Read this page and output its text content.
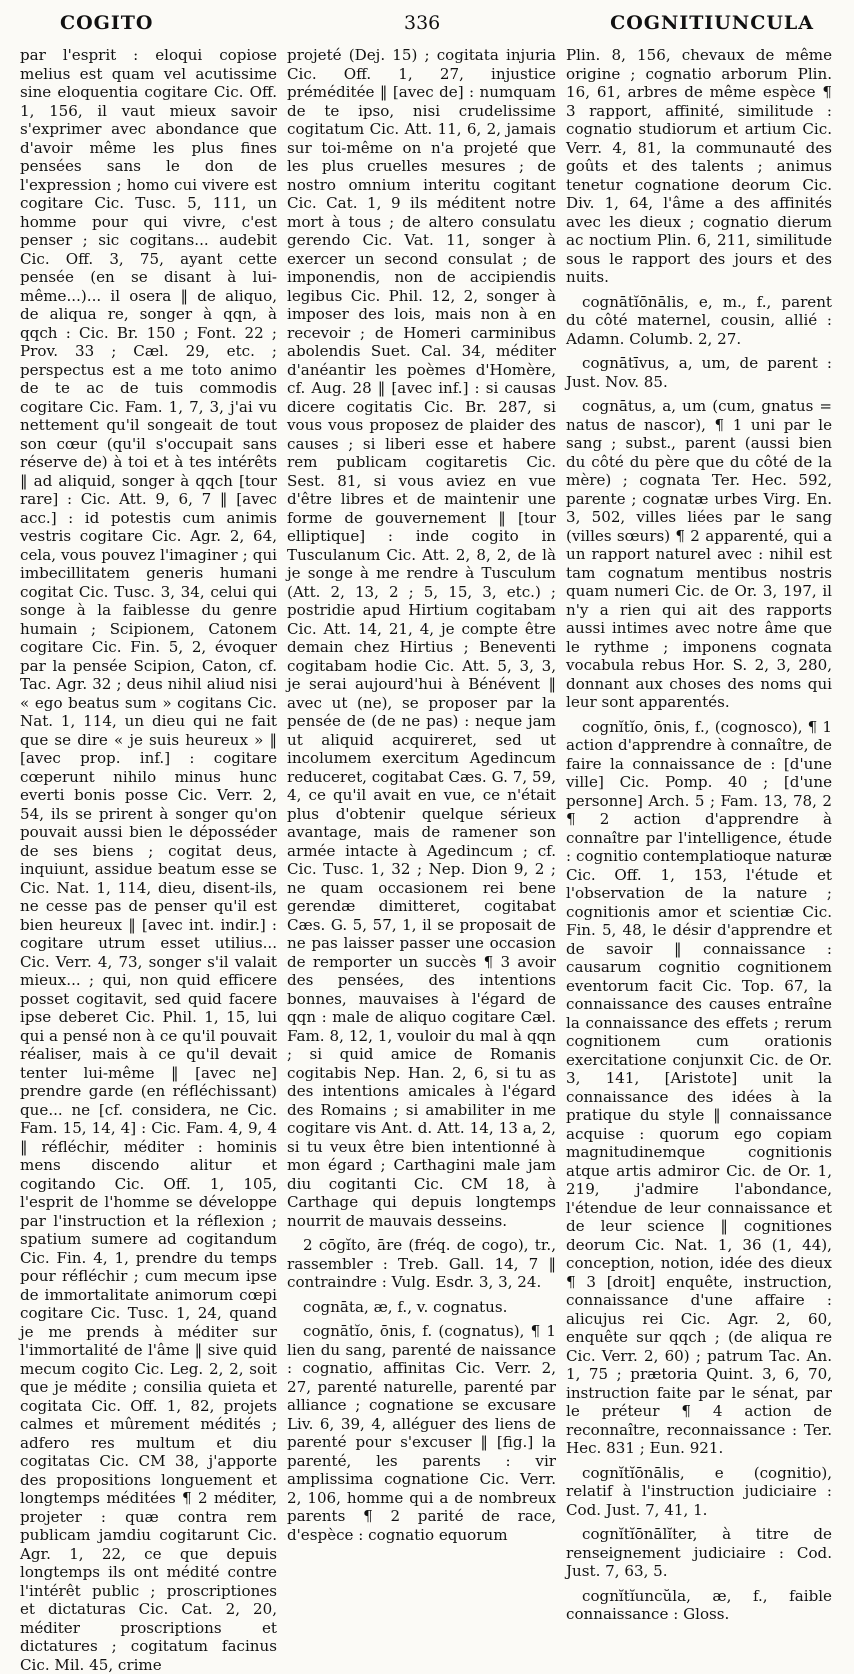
COGITO	336	COGNITIUNCULA

par l'esprit : eloqui copiose melius est quam vel acutissime sine eloquentia cogitare Cic. Off. 1, 156, il vaut mieux savoir s'exprimer avec abondance que d'avoir même les plus fines pensées sans le don de l'expression ; homo cui vivere est cogitare Cic. Tusc. 5, 111, un homme pour qui vivre, c'est penser ; sic cogitans... audebit Cic. Off. 3, 75, ayant cette pensée (en se disant à lui-même...)... il osera ‖ de aliquo, de aliqua re, songer à qqn, à qqch : Cic. Br. 150 ; Font. 22 ; Prov. 33 ; Cæl. 29, etc. ; perspectus est a me toto animo de te ac de tuis commodis cogitare Cic. Fam. 1, 7, 3, j'ai vu nettement qu'il songeait de tout son cœur (qu'il s'occupait sans réserve de) à toi et à tes intérêts ‖ ad aliquid, songer à qqch [tour rare] : Cic. Att. 9, 6, 7 ‖ [avec acc.] : id potestis cum animis vestris cogitare Cic. Agr. 2, 64, cela, vous pouvez l'imaginer ; qui imbecillitatem generis humani cogitat Cic. Tusc. 3, 34, celui qui songe à la faiblesse du genre humain ; Scipionem, Catonem cogitare Cic. Fin. 5, 2, évoquer par la pensée Scipion, Caton, cf. Tac. Agr. 32 ; deus nihil aliud nisi « ego beatus sum » cogitans Cic. Nat. 1, 114, un dieu qui ne fait que se dire « je suis heureux » ‖ [avec prop. inf.] : cogitare cœperunt nihilo minus hunc everti bonis posse Cic. Verr. 2, 54, ils se prirent à songer qu'on pouvait aussi bien le déposséder de ses biens ; cogitat deus, inquiunt, assidue beatum esse se Cic. Nat. 1, 114, dieu, disent-ils, ne cesse pas de penser qu'il est bien heureux ‖ [avec int. indir.] : cogitare utrum esset utilius... Cic. Verr. 4, 73, songer s'il valait mieux... ; qui, non quid efficere posset cogitavit, sed quid facere ipse deberet Cic. Phil. 1, 15, lui qui a pensé non à ce qu'il pouvait réaliser, mais à ce qu'il devait tenter lui-même ‖ [avec ne] prendre garde (en réfléchissant) que... ne [cf. considera, ne Cic. Fam. 15, 14, 4] : Cic. Fam. 4, 9, 4 ‖ réfléchir, méditer : hominis mens discendo alitur et cogitando Cic. Off. 1, 105, l'esprit de l'homme se développe par l'instruction et la réflexion ; spatium sumere ad cogitandum Cic. Fin. 4, 1, prendre du temps pour réfléchir ; cum mecum ipse de immortalitate animorum cœpi cogitare Cic. Tusc. 1, 24, quand je me prends à méditer sur l'immortalité de l'âme ‖ sive quid mecum cogito Cic. Leg. 2, 2, soit que je médite ; consilia quieta et cogitata Cic. Off. 1, 82, projets calmes et mûrement médités ; adfero res multum et diu cogitatas Cic. CM 38, j'apporte des propositions longuement et longtemps méditées ¶ 2 méditer, projeter : quæ contra rem publicam jamdiu cogitarunt Cic. Agr. 1, 22, ce que depuis longtemps ils ont médité contre l'intérêt public ; proscriptiones et dictaturas Cic. Cat. 2, 20, méditer proscriptions et dictatures ; cogitatum facinus Cic. Mil. 45, crime

projeté (Dej. 15) ; cogitata injuria Cic. Off. 1, 27, injustice préméditée ‖ [avec de] : numquam de te ipso, nisi crudelissime cogitatum Cic. Att. 11, 6, 2, jamais sur toi-même on n'a projeté que les plus cruelles mesures ; de nostro omnium interitu cogitant Cic. Cat. 1, 9 ils méditent notre mort à tous ; de altero consulatu gerendo Cic. Vat. 11, songer à exercer un second consulat ; de imponendis, non de accipiendis legibus Cic. Phil. 12, 2, songer à imposer des lois, mais non à en recevoir ; de Homeri carminibus abolendis Suet. Cal. 34, méditer d'anéantir les poèmes d'Homère, cf. Aug. 28 ‖ [avec inf.] : si causas dicere cogitatis Cic. Br. 287, si vous vous proposez de plaider des causes ; si liberi esse et habere rem publicam cogitaretis Cic. Sest. 81, si vous aviez en vue d'être libres et de maintenir une forme de gouvernement ‖ [tour elliptique] : inde cogito in Tusculanum Cic. Att. 2, 8, 2, de là je songe à me rendre à Tusculum (Att. 2, 13, 2 ; 5, 15, 3, etc.) ; postridie apud Hirtium cogitabam Cic. Att. 14, 21, 4, je compte être demain chez Hirtius ; Beneventi cogitabam hodie Cic. Att. 5, 3, 3, je serai aujourd'hui à Bénévent ‖ avec ut (ne), se proposer par la pensée de (de ne pas) : neque jam ut aliquid acquireret, sed ut incolumem exercitum Agedincum reduceret, cogitabat Cæs. G. 7, 59, 4, ce qu'il avait en vue, ce n'était plus d'obtenir quelque sérieux avantage, mais de ramener son armée intacte à Agedincum ; cf. Cic. Tusc. 1, 32 ; Nep. Dion 9, 2 ; ne quam occasionem rei bene gerendæ dimitteret, cogitabat Cæs. G. 5, 57, 1, il se proposait de ne pas laisser passer une occasion de remporter un succès ¶ 3 avoir des pensées, des intentions bonnes, mauvaises à l'égard de qqn : male de aliquo cogitare Cæl. Fam. 8, 12, 1, vouloir du mal à qqn ; si quid amice de Romanis cogitabis Nep. Han. 2, 6, si tu as des intentions amicales à l'égard des Romains ; si amabiliter in me cogitare vis Ant. d. Att. 14, 13 a, 2, si tu veux être bien intentionné à mon égard ; Carthagini male jam diu cogitanti Cic. CM 18, à Carthage qui depuis longtemps nourrit de mauvais desseins.

2 cōgĭto, āre (fréq. de cogo), tr., rassembler : Treb. Gall. 14, 7 ‖ contraindre : Vulg. Esdr. 3, 3, 24.

cognāta, æ, f., v. cognatus.

cognātĭo, ōnis, f. (cognatus), ¶ 1 lien du sang, parenté de naissance : cognatio, affinitas Cic. Verr. 2, 27, parenté naturelle, parenté par alliance ; cognatione se excusare Liv. 6, 39, 4, alléguer des liens de parenté pour s'excuser ‖ [fig.] la parenté, les parents : vir amplissima cognatione Cic. Verr. 2, 106, homme qui a de nombreux parents ¶ 2 parité de race, d'espèce : cognatio equorum

Plin. 8, 156, chevaux de même origine ; cognatio arborum Plin. 16, 61, arbres de même espèce ¶ 3 rapport, affinité, similitude : cognatio studiorum et artium Cic. Verr. 4, 81, la communauté des goûts et des talents ; animus tenetur cognatione deorum Cic. Div. 1, 64, l'âme a des affinités avec les dieux ; cognatio dierum ac noctium Plin. 6, 211, similitude sous le rapport des jours et des nuits.

cognātĭōnālis, e, m., f., parent du côté maternel, cousin, allié : Adamn. Columb. 2, 27.

cognātīvus, a, um, de parent : Just. Nov. 85.

cognātus, a, um (cum, gnatus = natus de nascor), ¶ 1 uni par le sang ; subst., parent (aussi bien du côté du père que du côté de la mère) ; cognata Ter. Hec. 592, parente ; cognatæ urbes Virg. En. 3, 502, villes liées par le sang (villes sœurs) ¶ 2 apparenté, qui a un rapport naturel avec : nihil est tam cognatum mentibus nostris quam numeri Cic. de Or. 3, 197, il n'y a rien qui ait des rapports aussi intimes avec notre âme que le rythme ; imponens cognata vocabula rebus Hor. S. 2, 3, 280, donnant aux choses des noms qui leur sont apparentés.

cognĭtĭo, ōnis, f., (cognosco), ¶ 1 action d'apprendre à connaître, de faire la connaissance de : [d'une ville] Cic. Pomp. 40 ; [d'une personne] Arch. 5 ; Fam. 13, 78, 2 ¶ 2 action d'apprendre à connaître par l'intelligence, étude : cognitio contemplatioque naturæ Cic. Off. 1, 153, l'étude et l'observation de la nature ; cognitionis amor et scientiæ Cic. Fin. 5, 48, le désir d'apprendre et de savoir ‖ connaissance : causarum cognitio cognitionem eventorum facit Cic. Top. 67, la connaissance des causes entraîne la connaissance des effets ; rerum cognitionem cum orationis exercitatione conjunxit Cic. de Or. 3, 141, [Aristote] unit la connaissance des idées à la pratique du style ‖ connaissance acquise : quorum ego copiam magnitudinemque cognitionis atque artis admiror Cic. de Or. 1, 219, j'admire l'abondance, l'étendue de leur connaissance et de leur science ‖ cognitiones deorum Cic. Nat. 1, 36 (1, 44), conception, notion, idée des dieux ¶ 3 [droit] enquête, instruction, connaissance d'une affaire : alicujus rei Cic. Agr. 2, 60, enquête sur qqch ; (de aliqua re Cic. Verr. 2, 60) ; patrum Tac. An. 1, 75 ; prætoria Quint. 3, 6, 70, instruction faite par le sénat, par le préteur ¶ 4 action de reconnaître, reconnaissance : Ter. Hec. 831 ; Eun. 921.

cognĭtĭōnālis, e (cognitio), relatif à l'instruction judiciaire : Cod. Just. 7, 41, 1.

cognĭtĭōnālĭter, à titre de renseignement judiciaire : Cod. Just. 7, 63, 5.

cognĭtĭuncŭla, æ, f., faible connaissance : Gloss.
